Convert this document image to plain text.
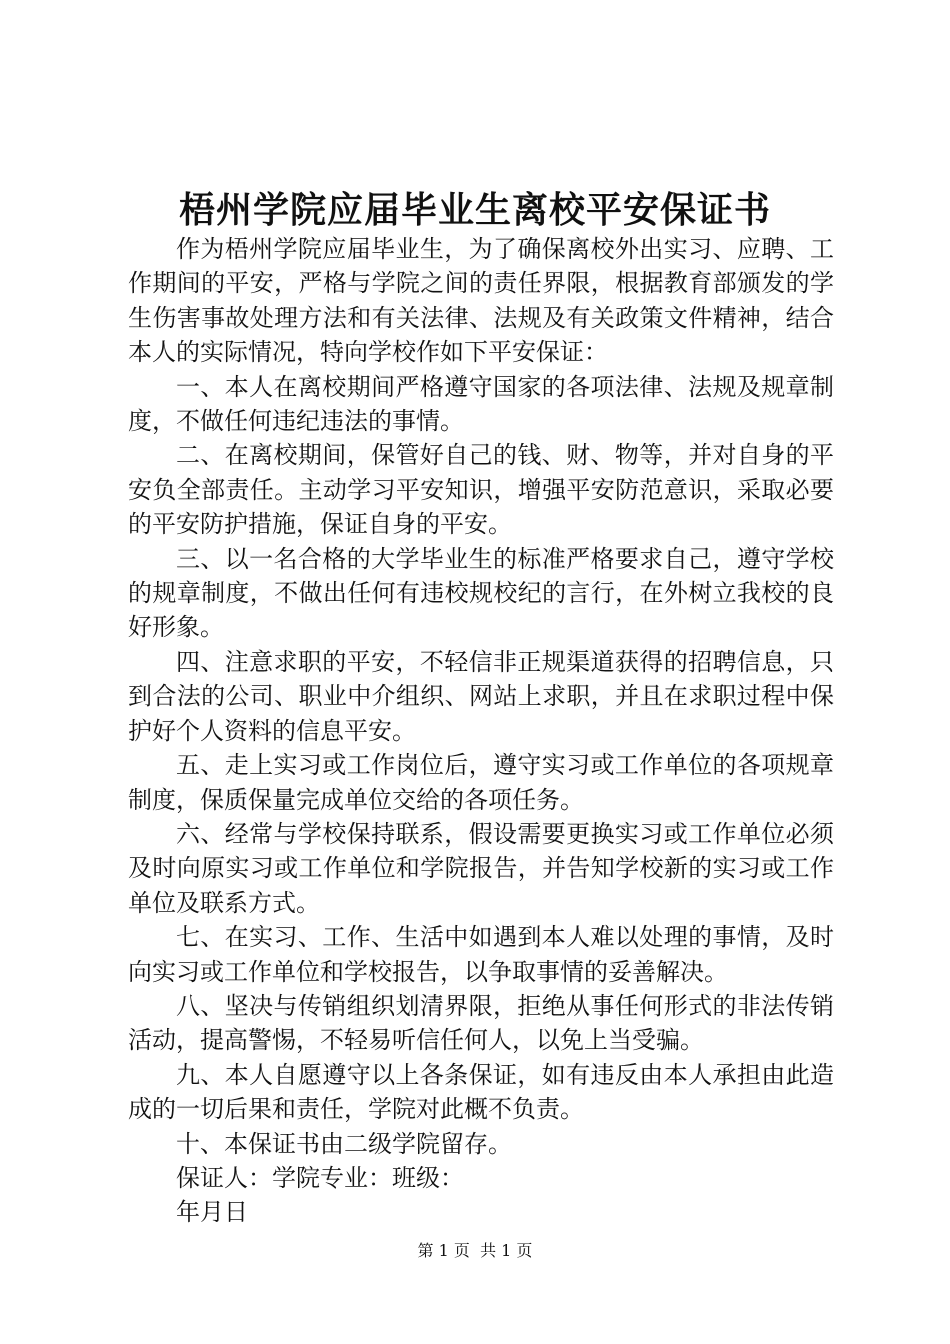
梧州学院应届毕业生离校平安保证书

作为梧州学院应届毕业生，为了确保离校外出实习、应聘、工作期间的平安，严格与学院之间的责任界限，根据教育部颁发的学生伤害事故处理方法和有关法律、法规及有关政策文件精神，结合本人的实际情况，特向学校作如下平安保证：

一、本人在离校期间严格遵守国家的各项法律、法规及规章制度，不做任何违纪违法的事情。

二、在离校期间，保管好自己的钱、财、物等，并对自身的平安负全部责任。主动学习平安知识，增强平安防范意识，采取必要的平安防护措施，保证自身的平安。

三、以一名合格的大学毕业生的标准严格要求自己，遵守学校的规章制度，不做出任何有违校规校纪的言行，在外树立我校的良好形象。

四、注意求职的平安，不轻信非正规渠道获得的招聘信息，只到合法的公司、职业中介组织、网站上求职，并且在求职过程中保护好个人资料的信息平安。

五、走上实习或工作岗位后，遵守实习或工作单位的各项规章制度，保质保量完成单位交给的各项任务。

六、经常与学校保持联系，假设需要更换实习或工作单位必须及时向原实习或工作单位和学院报告，并告知学校新的实习或工作单位及联系方式。

七、在实习、工作、生活中如遇到本人难以处理的事情，及时向实习或工作单位和学校报告，以争取事情的妥善解决。

八、坚决与传销组织划清界限，拒绝从事任何形式的非法传销活动，提高警惕，不轻易听信任何人，以免上当受骗。

九、本人自愿遵守以上各条保证，如有违反由本人承担由此造成的一切后果和责任，学院对此概不负责。

十、本保证书由二级学院留存。

保证人：学院专业：班级：

年月日

第 1 页 共 1 页
